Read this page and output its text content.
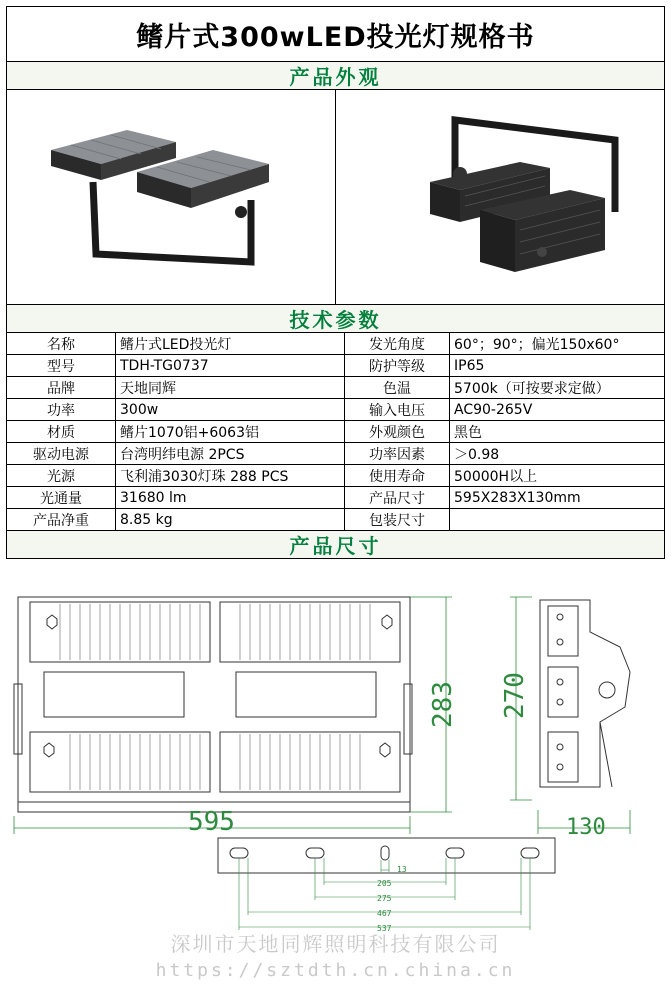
鳍片式300wLED投光灯规格书
产品外观
技术参数
名称	鳍片式LED投光灯	发光角度	60°；90°；偏光150x60°
型号	TDH-TG0737	防护等级	IP65
品牌	天地同辉	色温	5700k（可按要求定做）
功率	300w	输入电压	AC90-265V
材质	鳍片1070铝+6063铝	外观颜色	黑色
驱动电源	台湾明纬电源 2PCS	功率因素	＞0.98
光源	飞利浦3030灯珠 288 PCS	使用寿命	50000H以上
光通量	31680 lm	产品尺寸	595X283X130mm
产品净重	8.85 kg	包装尺寸	
产品尺寸
283
595
270
130
13
205
275
467
537
深圳市天地同辉照明科技有限公司
https://sztdth.cn.china.cn
